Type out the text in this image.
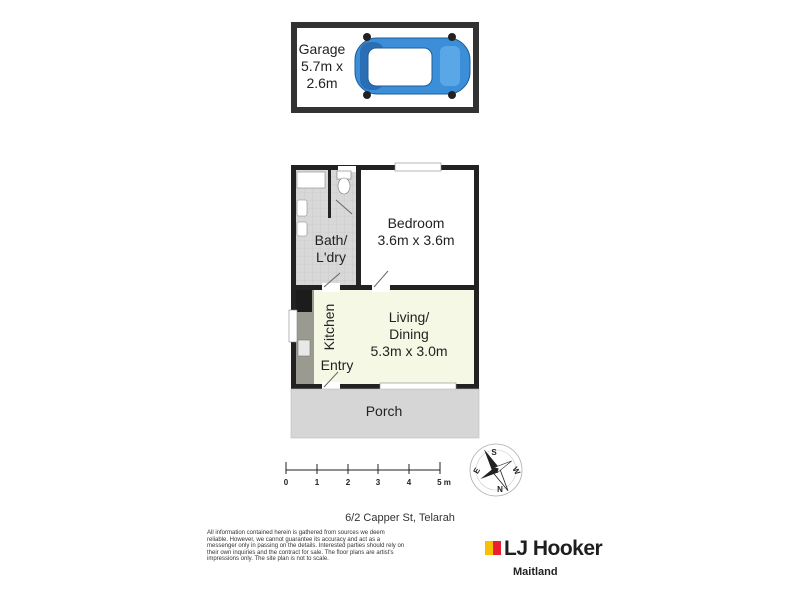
Garage
5.7m x
2.6m
Bedroom
3.6m x 3.6m
Bath/
L'dry
Living/
Dining
5.3m x 3.0m
Kitchen
Entry
Porch
0	1	2	3	4	5 m
S
W
N
E
6/2 Capper St, Telarah
All information contained herein is gathered from sources we deem reliable. However, we cannot guarantee its accuracy and act as a messenger only in passing on the details. Interested parties should rely on their own inquiries and the contract for sale. The floor plans are artist's impressions only. The site plan is not to scale.	LJ Hooker
Maitland
